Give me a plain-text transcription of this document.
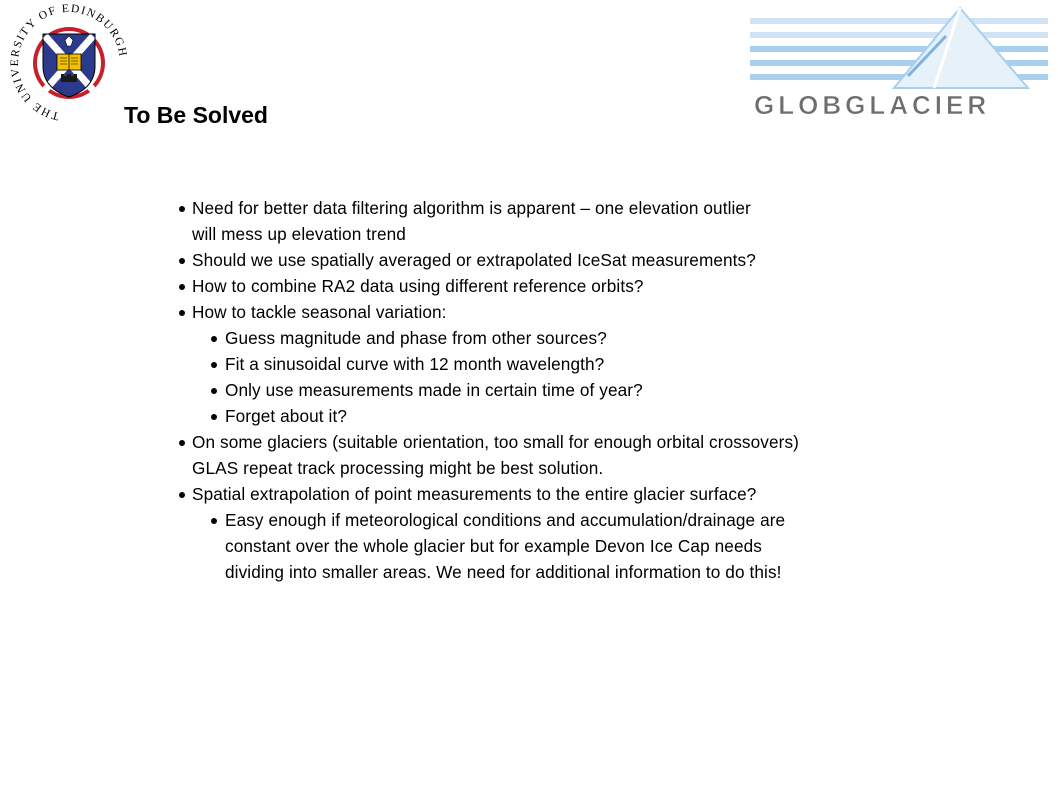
THE UNIVERSITY OF EDINBURGH
GLOBGLACIER
To Be Solved
Need for better data filtering algorithm is apparent – one elevation outlier
will mess up elevation trend
Should we use spatially averaged or extrapolated IceSat measurements?
How to combine RA2 data using different reference orbits?
How to tackle seasonal variation:
Guess magnitude and phase from other sources?
Fit a sinusoidal curve with 12 month wavelength?
Only use measurements made in certain time of year?
Forget about it?
On some glaciers (suitable orientation, too small for enough orbital crossovers)
GLAS repeat track processing might be best solution.
Spatial extrapolation of point measurements to the entire glacier surface?
Easy enough if meteorological conditions and accumulation/drainage are
constant over the whole glacier but for example Devon Ice Cap needs
dividing into smaller areas. We need for additional information to do this!
